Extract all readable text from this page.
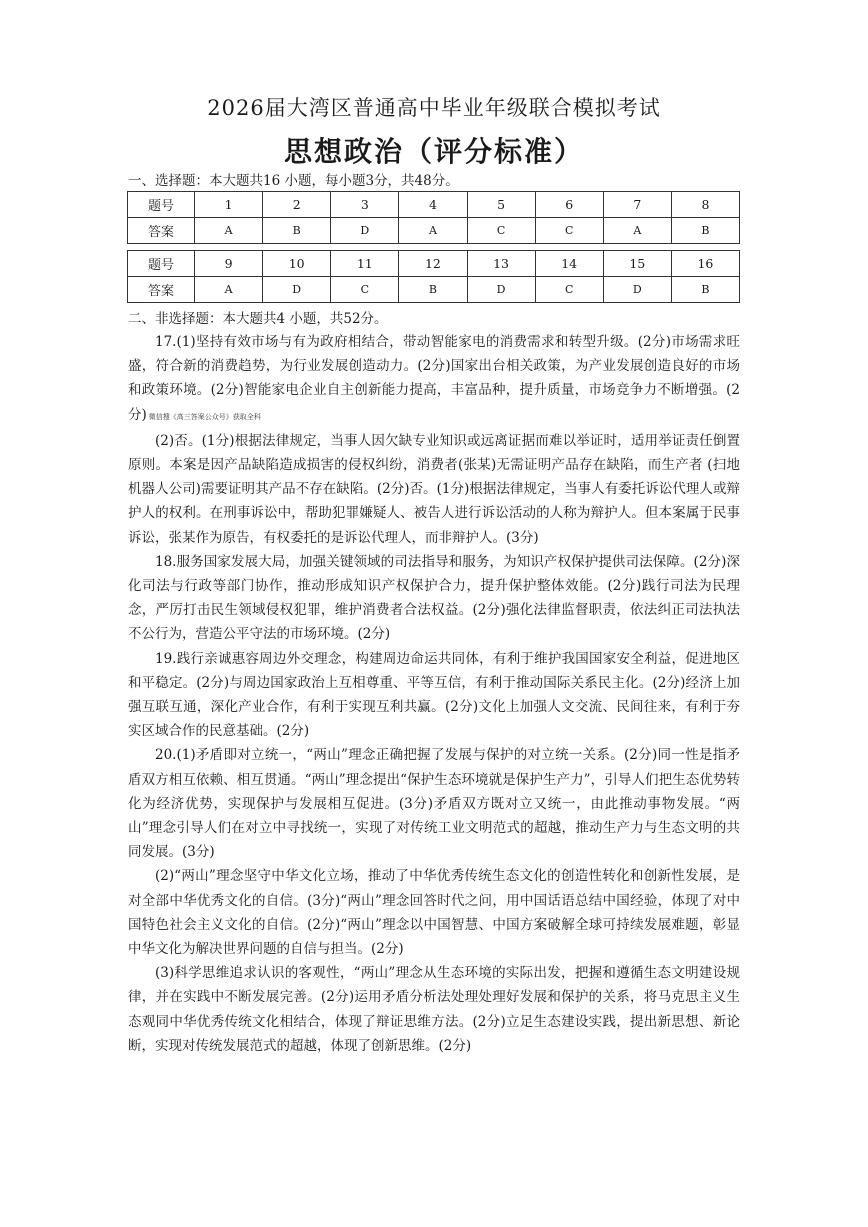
2026届大湾区普通高中毕业年级联合模拟考试
思想政治（评分标准）
一、选择题：本大题共16 小题，每小题3分，共48分。
题号	1	2	3	4	5	6	7	8
答案	A	B	D	A	C	C	A	B
题号	9	10	11	12	13	14	15	16
答案	A	D	C	B	D	C	D	B
二、非选择题：本大题共4 小题，共52分。

17.(1)坚持有效市场与有为政府相结合，带动智能家电的消费需求和转型升级。(2分)市场需求旺盛，符合新的消费趋势，为行业发展创造动力。(2分)国家出台相关政策，为产业发展创造良好的市场和政策环境。(2分)智能家电企业自主创新能力提高，丰富品种，提升质量，市场竞争力不断增强。(2分) 微信搜《高三答案公众号》获取全科

(2)否。(1分)根据法律规定，当事人因欠缺专业知识或远离证据而难以举证时，适用举证责任倒置原则。本案是因产品缺陷造成损害的侵权纠纷，消费者(张某)无需证明产品存在缺陷，而生产者 (扫地机器人公司)需要证明其产品不存在缺陷。(2分)否。(1分)根据法律规定，当事人有委托诉讼代理人或辩护人的权利。在刑事诉讼中，帮助犯罪嫌疑人、被告人进行诉讼活动的人称为辩护人。但本案属于民事诉讼，张某作为原告，有权委托的是诉讼代理人，而非辩护人。(3分)

18.服务国家发展大局，加强关键领域的司法指导和服务，为知识产权保护提供司法保障。(2分)深化司法与行政等部门协作，推动形成知识产权保护合力，提升保护整体效能。(2分)践行司法为民理念，严厉打击民生领域侵权犯罪，维护消费者合法权益。(2分)强化法律监督职责，依法纠正司法执法不公行为，营造公平守法的市场环境。(2分)

19.践行亲诚惠容周边外交理念，构建周边命运共同体，有利于维护我国国家安全利益，促进地区和平稳定。(2分)与周边国家政治上互相尊重、平等互信，有利于推动国际关系民主化。(2分)经济上加强互联互通，深化产业合作，有利于实现互利共赢。(2分)文化上加强人文交流、民间往来，有利于夯实区域合作的民意基础。(2分)

20.(1)矛盾即对立统一，“两山”理念正确把握了发展与保护的对立统一关系。(2分)同一性是指矛盾双方相互依赖、相互贯通。“两山”理念提出“保护生态环境就是保护生产力”，引导人们把生态优势转化为经济优势，实现保护与发展相互促进。(3分)矛盾双方既对立又统一，由此推动事物发展。“两山”理念引导人们在对立中寻找统一，实现了对传统工业文明范式的超越，推动生产力与生态文明的共同发展。(3分)

(2)“两山”理念坚守中华文化立场，推动了中华优秀传统生态文化的创造性转化和创新性发展，是对全部中华优秀文化的自信。(3分)“两山”理念回答时代之问，用中国话语总结中国经验，体现了对中国特色社会主义文化的自信。(2分)“两山”理念以中国智慧、中国方案破解全球可持续发展难题，彰显中华文化为解决世界问题的自信与担当。(2分)

(3)科学思维追求认识的客观性，“两山”理念从生态环境的实际出发，把握和遵循生态文明建设规律，并在实践中不断发展完善。(2分)运用矛盾分析法处理处理好发展和保护的关系，将马克思主义生态观同中华优秀传统文化相结合，体现了辩证思维方法。(2分)立足生态建设实践，提出新思想、新论断，实现对传统发展范式的超越，体现了创新思维。(2分)
